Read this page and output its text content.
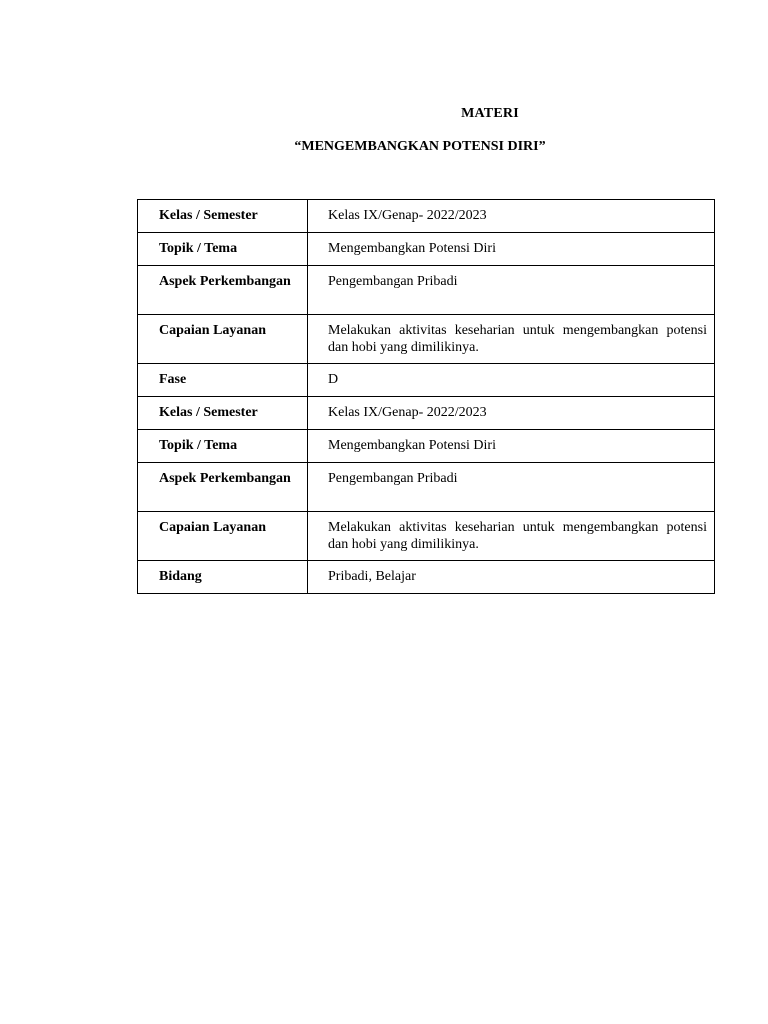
MATERI
“MENGEMBANGKAN POTENSI DIRI”
Kelas / Semester	Kelas IX/Genap- 2022/2023
Topik / Tema	Mengembangkan Potensi Diri
Aspek Perkembangan	Pengembangan Pribadi
Capaian Layanan	Melakukan aktivitas keseharian untuk mengembangkan potensi dan hobi yang dimilikinya.
Fase	D
Kelas / Semester	Kelas IX/Genap- 2022/2023
Topik / Tema	Mengembangkan Potensi Diri
Aspek Perkembangan	Pengembangan Pribadi
Capaian Layanan	Melakukan aktivitas keseharian untuk mengembangkan potensi dan hobi yang dimilikinya.
Bidang	Pribadi, Belajar
